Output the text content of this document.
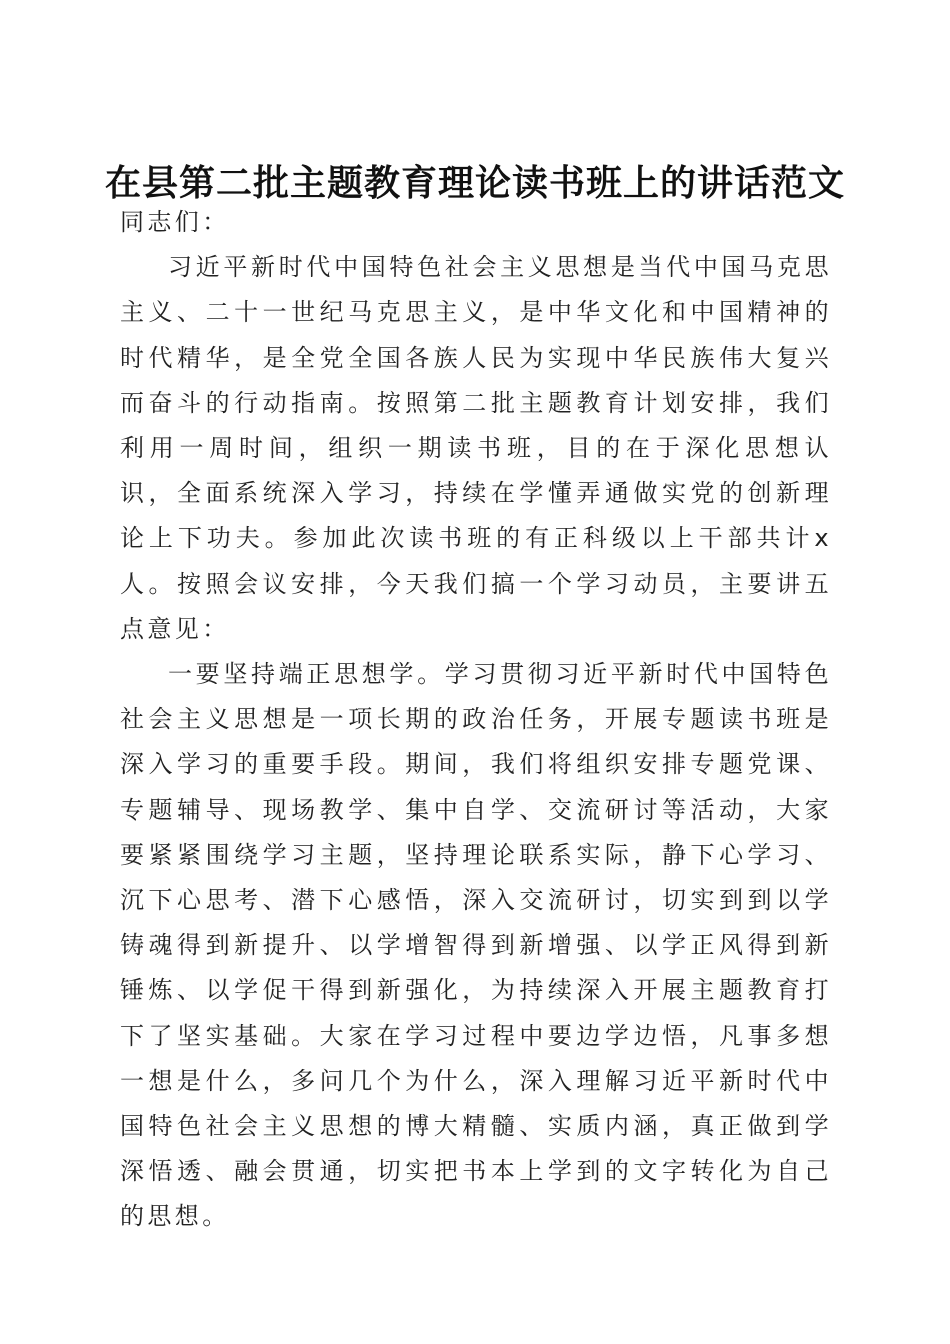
在县第二批主题教育理论读书班上的讲话范文

同志们：

习近平新时代中国特色社会主义思想是当代中国马克思主义、二十一世纪马克思主义，是中华文化和中国精神的时代精华，是全党全国各族人民为实现中华民族伟大复兴而奋斗的行动指南。按照第二批主题教育计划安排，我们利用一周时间，组织一期读书班，目的在于深化思想认识，全面系统深入学习，持续在学懂弄通做实党的创新理论上下功夫。参加此次读书班的有正科级以上干部共计x人。按照会议安排，今天我们搞一个学习动员，主要讲五点意见：

一要坚持端正思想学。学习贯彻习近平新时代中国特色社会主义思想是一项长期的政治任务，开展专题读书班是深入学习的重要手段。期间，我们将组织安排专题党课、专题辅导、现场教学、集中自学、交流研讨等活动，大家要紧紧围绕学习主题，坚持理论联系实际，静下心学习、沉下心思考、潜下心感悟，深入交流研讨，切实到到以学铸魂得到新提升、以学增智得到新增强、以学正风得到新锤炼、以学促干得到新强化，为持续深入开展主题教育打下了坚实基础。大家在学习过程中要边学边悟，凡事多想一想是什么，多问几个为什么，深入理解习近平新时代中国特色社会主义思想的博大精髓、实质内涵，真正做到学深悟透、融会贯通，切实把书本上学到的文字转化为自己的思想。
